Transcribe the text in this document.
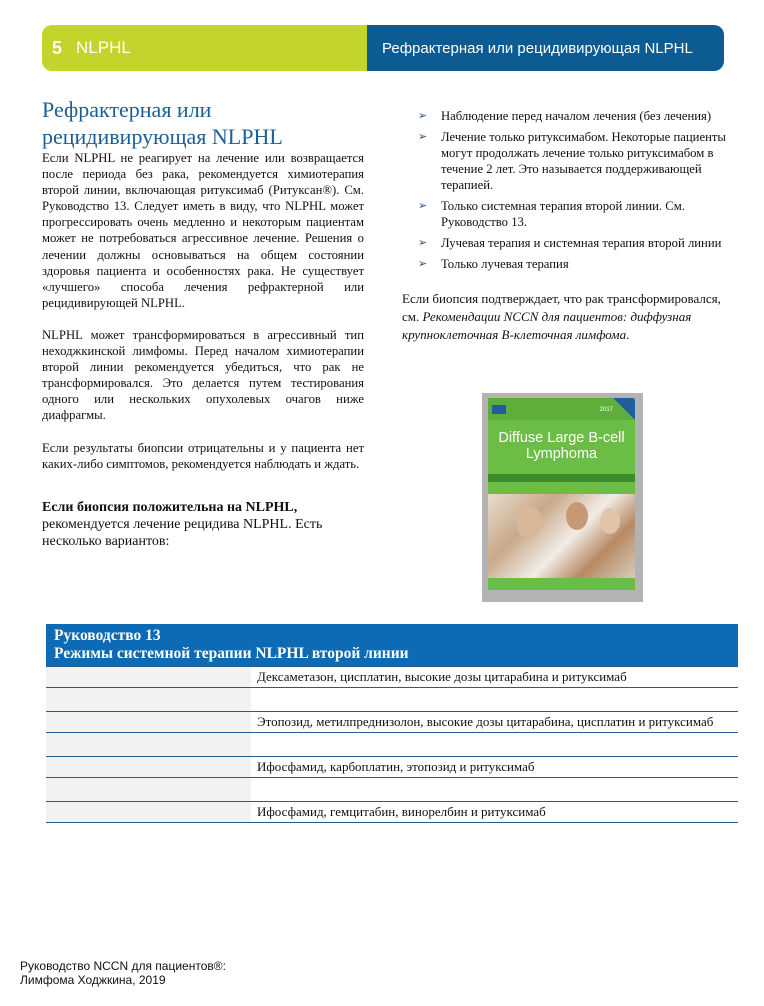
5 NLPHL	Рефрактерная или рецидивирующая NLPHL
Рефрактерная или
рецидивирующая NLPHL

Если NLPHL не реагирует на лечение или возвращается после периода без рака, рекомендуется химиотерапия второй линии, включающая ритуксимаб (Ритуксан®). См. Руководство 13. Следует иметь в виду, что NLPHL может прогрессировать очень медленно и некоторым пациентам может не потребоваться агрессивное лечение. Решения о лечении должны основываться на общем состоянии здоровья пациента и особенностях рака. Не существует «лучшего» способа лечения рефрактерной или рецидивирующей NLPHL.

NLPHL может трансформироваться в агрессивный тип неходжкинской лимфомы. Перед началом химиотерапии второй линии рекомендуется убедиться, что рак не трансформировался. Это делается путем тестирования одного или нескольких опухолевых очагов ниже диафрагмы.

Если результаты биопсии отрицательны и у пациента нет каких-либо симптомов, рекомендуется наблюдать и ждать.

Если биопсия положительна на NLPHL,
рекомендуется лечение рецидива NLPHL. Есть несколько вариантов:

➢ Наблюдение перед началом лечения (без лечения)
➢ Лечение только ритуксимабом. Некоторые пациенты могут продолжать лечение только ритуксимабом в течение 2 лет. Это называется поддерживающей терапией.
➢ Только системная терапия второй линии. См. Руководство 13.
➢ Лучевая терапия и системная терапия второй линии
➢ Только лучевая терапия

Если биопсия подтверждает, что рак трансформировался, см. Рекомендации NCCN для пациентов: диффузная крупноклеточная B-клеточная лимфома.

2017
Diffuse Large B-cell
Lymphoma
Руководство 13
Режимы системной терапии NLPHL второй линии
Дексаметазон, цисплатин, высокие дозы цитарабина и ритуксимаб
Этопозид, метилпреднизолон, высокие дозы цитарабина, цисплатин и ритуксимаб
Ифосфамид, карбоплатин, этопозид и ритуксимаб
Ифосфамид, гемцитабин, винорелбин и ритуксимаб
Руководство NCCN для пациентов®:
Лимфома Ходжкина, 2019
